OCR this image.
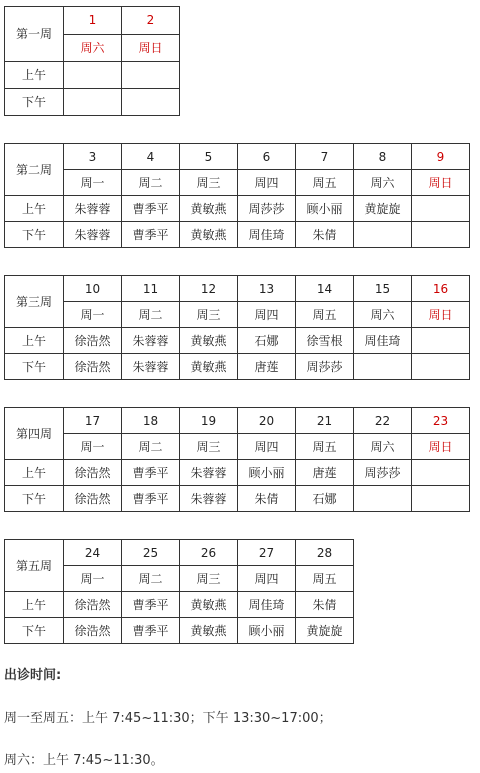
第一周	1	2
	周六	周日
上午		
下午		
第二周	3	4	5	6	7	8	9
	周一	周二	周三	周四	周五	周六	周日
上午	朱蓉蓉	曹季平	黄敏燕	周莎莎	顾小丽	黄旋旋	
下午	朱蓉蓉	曹季平	黄敏燕	周佳琦	朱倩		
第三周	10	11	12	13	14	15	16
	周一	周二	周三	周四	周五	周六	周日
上午	徐浩然	朱蓉蓉	黄敏燕	石娜	徐雪根	周佳琦	
下午	徐浩然	朱蓉蓉	黄敏燕	唐莲	周莎莎		
第四周	17	18	19	20	21	22	23
	周一	周二	周三	周四	周五	周六	周日
上午	徐浩然	曹季平	朱蓉蓉	顾小丽	唐莲	周莎莎	
下午	徐浩然	曹季平	朱蓉蓉	朱倩	石娜		
第五周	24	25	26	27	28
	周一	周二	周三	周四	周五
上午	徐浩然	曹季平	黄敏燕	周佳琦	朱倩
下午	徐浩然	曹季平	黄敏燕	顾小丽	黄旋旋
出诊时间:
周一至周五：上午 7:45~11:30；下午 13:30~17:00；
周六：上午 7:45~11:30。
